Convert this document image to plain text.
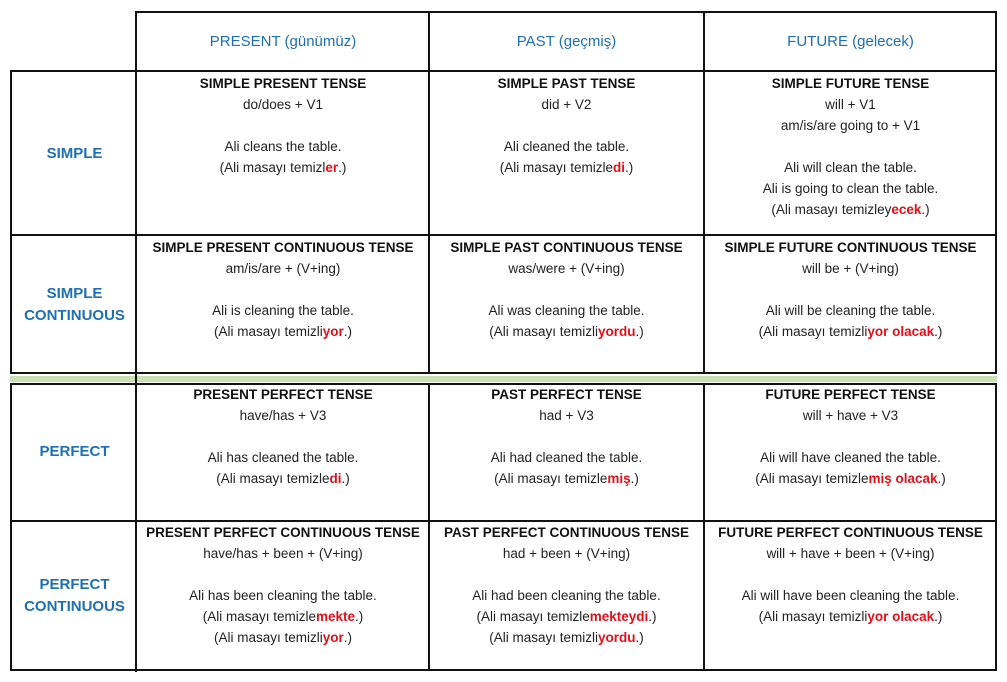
PRESENT (günümüz)	PAST (geçmiş)	FUTURE (gelecek)
SIMPLE
SIMPLE PRESENT TENSE
do/does + V1
Ali cleans the table.
(Ali masayı temizler.)
SIMPLE PAST TENSE
did + V2
Ali cleaned the table.
(Ali masayı temizledi.)
SIMPLE FUTURE TENSE
will + V1
am/is/are going to + V1
Ali will clean the table.
Ali is going to clean the table.
(Ali masayı temizleyecek.)
SIMPLE
CONTINUOUS
SIMPLE PRESENT CONTINUOUS TENSE
am/is/are + (V+ing)
Ali is cleaning the table.
(Ali masayı temizliyor.)
SIMPLE PAST CONTINUOUS TENSE
was/were + (V+ing)
Ali was cleaning the table.
(Ali masayı temizliyordu.)
SIMPLE FUTURE CONTINUOUS TENSE
will be + (V+ing)
Ali will be cleaning the table.
(Ali masayı temizliyor olacak.)
PERFECT
PRESENT PERFECT TENSE
have/has + V3
Ali has cleaned the table.
(Ali masayı temizledi.)
PAST PERFECT TENSE
had + V3
Ali had cleaned the table.
(Ali masayı temizlemiş.)
FUTURE PERFECT TENSE
will + have + V3
Ali will have cleaned the table.
(Ali masayı temizlemiş olacak.)
PERFECT
CONTINUOUS
PRESENT PERFECT CONTINUOUS TENSE
have/has + been + (V+ing)
Ali has been cleaning the table.
(Ali masayı temizlemekte.)
(Ali masayı temizliyor.)
PAST PERFECT CONTINUOUS TENSE
had + been + (V+ing)
Ali had been cleaning the table.
(Ali masayı temizlemekteydi.)
(Ali masayı temizliyordu.)
FUTURE PERFECT CONTINUOUS TENSE
will + have + been + (V+ing)
Ali will have been cleaning the table.
(Ali masayı temizliyor olacak.)
